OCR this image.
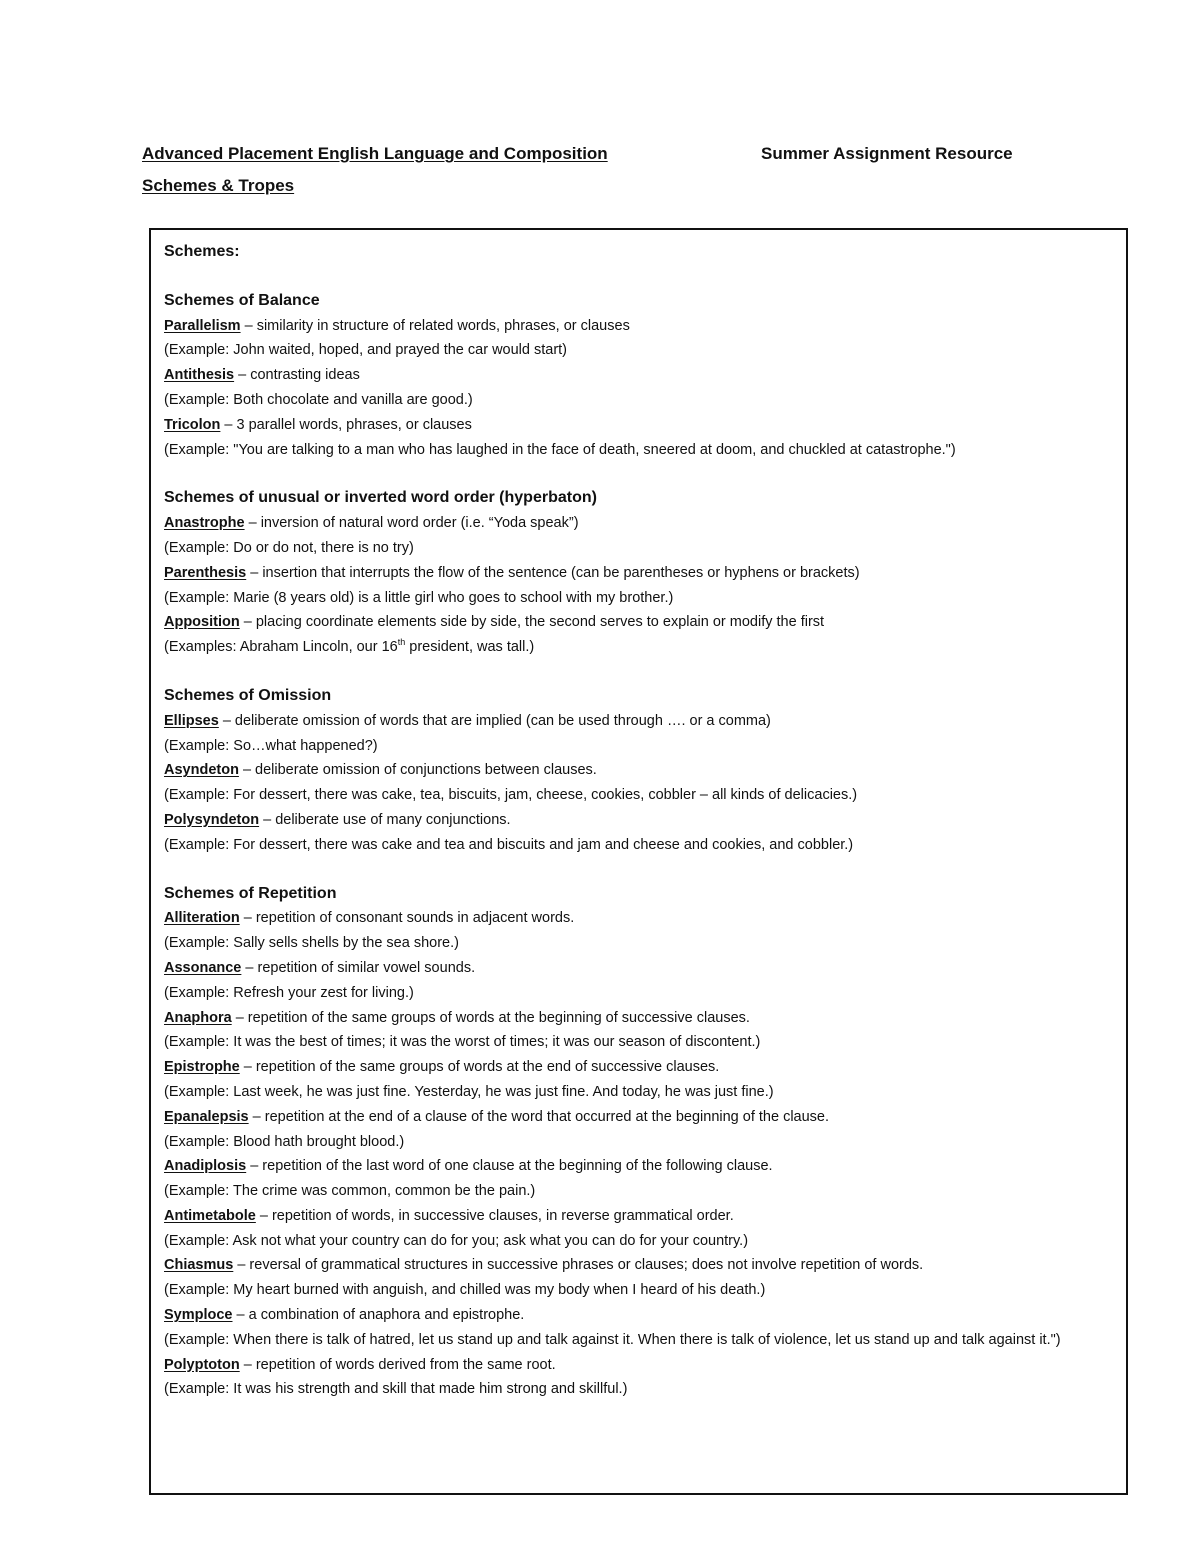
Advanced Placement English Language and Composition	Summer Assignment Resource
Schemes & Tropes
Schemes:
Schemes of Balance
Parallelism – similarity in structure of related words, phrases, or clauses
(Example: John waited, hoped, and prayed the car would start)
Antithesis – contrasting ideas
(Example: Both chocolate and vanilla are good.)
Tricolon – 3 parallel words, phrases, or clauses
(Example: "You are talking to a man who has laughed in the face of death, sneered at doom, and chuckled at catastrophe.")
Schemes of unusual or inverted word order (hyperbaton)
Anastrophe – inversion of natural word order (i.e. “Yoda speak”)
(Example: Do or do not, there is no try)
Parenthesis – insertion that interrupts the flow of the sentence (can be parentheses or hyphens or brackets)
(Example: Marie (8 years old) is a little girl who goes to school with my brother.)
Apposition – placing coordinate elements side by side, the second serves to explain or modify the first
(Examples: Abraham Lincoln, our 16th president, was tall.)
Schemes of Omission
Ellipses – deliberate omission of words that are implied (can be used through …. or a comma)
(Example: So…what happened?)
Asyndeton – deliberate omission of conjunctions between clauses.
(Example: For dessert, there was cake, tea, biscuits, jam, cheese, cookies, cobbler – all kinds of delicacies.)
Polysyndeton – deliberate use of many conjunctions.
(Example: For dessert, there was cake and tea and biscuits and jam and cheese and cookies, and cobbler.)
Schemes of Repetition
Alliteration – repetition of consonant sounds in adjacent words.
(Example: Sally sells shells by the sea shore.)
Assonance – repetition of similar vowel sounds.
(Example: Refresh your zest for living.)
Anaphora – repetition of the same groups of words at the beginning of successive clauses.
(Example: It was the best of times; it was the worst of times; it was our season of discontent.)
Epistrophe – repetition of the same groups of words at the end of successive clauses.
(Example: Last week, he was just fine. Yesterday, he was just fine. And today, he was just fine.)
Epanalepsis – repetition at the end of a clause of the word that occurred at the beginning of the clause.
(Example: Blood hath brought blood.)
Anadiplosis – repetition of the last word of one clause at the beginning of the following clause.
(Example: The crime was common, common be the pain.)
Antimetabole – repetition of words, in successive clauses, in reverse grammatical order.
(Example: Ask not what your country can do for you; ask what you can do for your country.)
Chiasmus – reversal of grammatical structures in successive phrases or clauses; does not involve repetition of words.
(Example: My heart burned with anguish, and chilled was my body when I heard of his death.)
Symploce – a combination of anaphora and epistrophe.
(Example: When there is talk of hatred, let us stand up and talk against it. When there is talk of violence, let us stand up and talk against it.")
Polyptoton – repetition of words derived from the same root.
(Example: It was his strength and skill that made him strong and skillful.)
